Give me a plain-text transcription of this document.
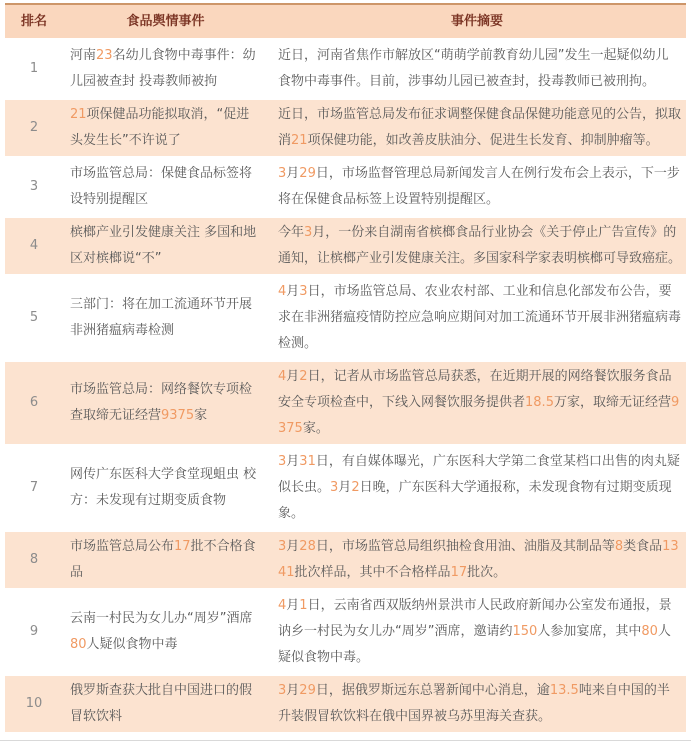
排名	食品舆情事件	事件摘要
1	河南23名幼儿食物中毒事件：幼儿园被查封 投毒教师被拘	近日，河南省焦作市解放区“萌萌学前教育幼儿园”发生一起疑似幼儿食物中毒事件。目前，涉事幼儿园已被查封，投毒教师已被刑拘。
2	21项保健品功能拟取消，“促进头发生长”不许说了	近日，市场监管总局发布征求调整保健食品保健功能意见的公告，拟取消21项保健功能，如改善皮肤油分、促进生长发育、抑制肿瘤等。
3	市场监管总局：保健食品标签将设特别提醒区	3月29日，市场监督管理总局新闻发言人在例行发布会上表示，下一步将在保健食品标签上设置特别提醒区。
4	槟榔产业引发健康关注 多国和地区对槟榔说“不”	今年3月，一份来自湖南省槟榔食品行业协会《关于停止广告宣传》的通知，让槟榔产业引发健康关注。多国家科学家表明槟榔可导致癌症。
5	三部门：将在加工流通环节开展非洲猪瘟病毒检测	4月3日，市场监管总局、农业农村部、工业和信息化部发布公告，要求在非洲猪瘟疫情防控应急响应期间对加工流通环节开展非洲猪瘟病毒检测。
6	市场监管总局：网络餐饮专项检查取缔无证经营9375家	4月2日，记者从市场监管总局获悉，在近期开展的网络餐饮服务食品安全专项检查中，下线入网餐饮服务提供者18.5万家，取缔无证经营9375家。
7	网传广东医科大学食堂现蛆虫 校方：未发现有过期变质食物	3月31日，有自媒体曝光，广东医科大学第二食堂某档口出售的肉丸疑似长虫。3月2日晚，广东医科大学通报称，未发现食物有过期变质现象。
8	市场监管总局公布17批不合格食品	3月28日，市场监管总局组织抽检食用油、油脂及其制品等8类食品1341批次样品，其中不合格样品17批次。
9	云南一村民为女儿办“周岁”酒席 80人疑似食物中毒	4月1日，云南省西双版纳州景洪市人民政府新闻办公室发布通报，景讷乡一村民为女儿办“周岁”酒席，邀请约150人参加宴席，其中80人疑似食物中毒。
10	俄罗斯查获大批自中国进口的假冒软饮料	3月29日，据俄罗斯远东总署新闻中心消息，逾13.5吨来自中国的半升装假冒软饮料在俄中国界被乌苏里海关查获。
